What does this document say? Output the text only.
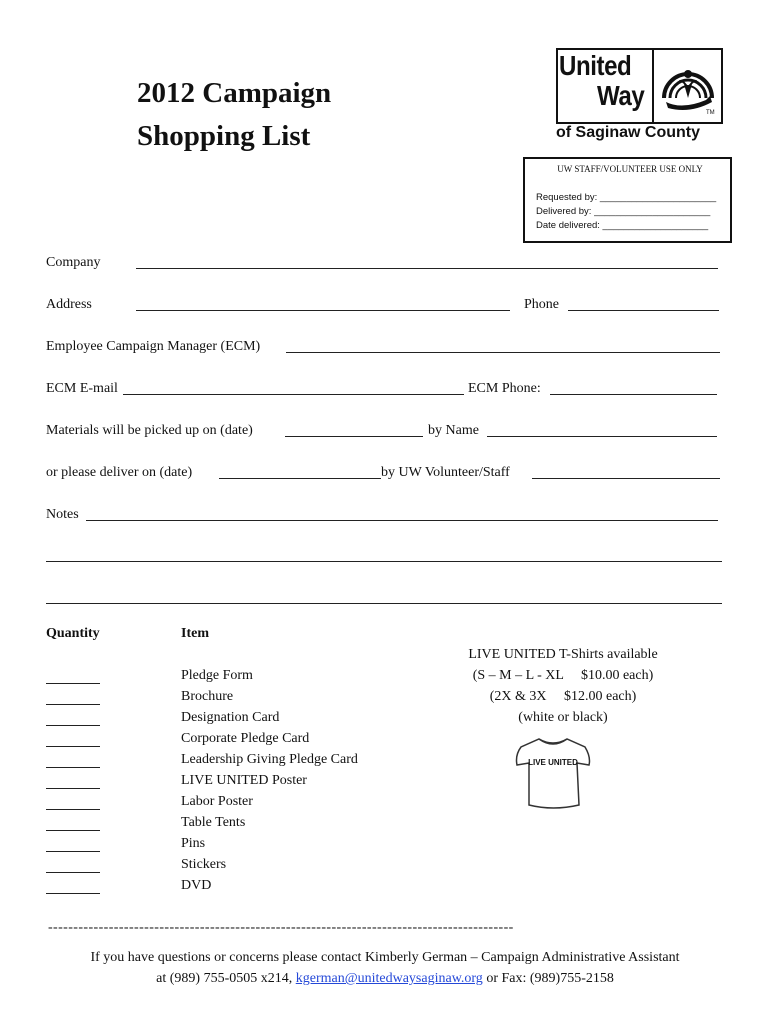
2012 Campaign
Shopping List
United
Way
TM
of Saginaw County
UW STAFF/VOLUNTEER USE ONLY
Requested by: ______________________
Delivered by: ______________________
Date delivered: ____________________
Company
Address	Phone
Employee Campaign Manager (ECM)
ECM E-mail	ECM Phone:
Materials will be picked up on (date)	by Name
or please deliver on (date)	by UW Volunteer/Staff
Notes
Quantity	Item
Pledge Form
Brochure
Designation Card
Corporate Pledge Card
Leadership Giving Pledge Card
LIVE UNITED Poster
Labor Poster
Table Tents
Pins
Stickers
DVD
LIVE UNITED T-Shirts available
(S – M – L - XL     $10.00 each)
(2X & 3X     $12.00 each)
(white or black)
LIVE UNITED
--------------------------------------------------------------------------------------------
If you have questions or concerns please contact Kimberly German – Campaign Administrative Assistant
at (989) 755-0505 x214, kgerman@unitedwaysaginaw.org or Fax: (989)755-2158
